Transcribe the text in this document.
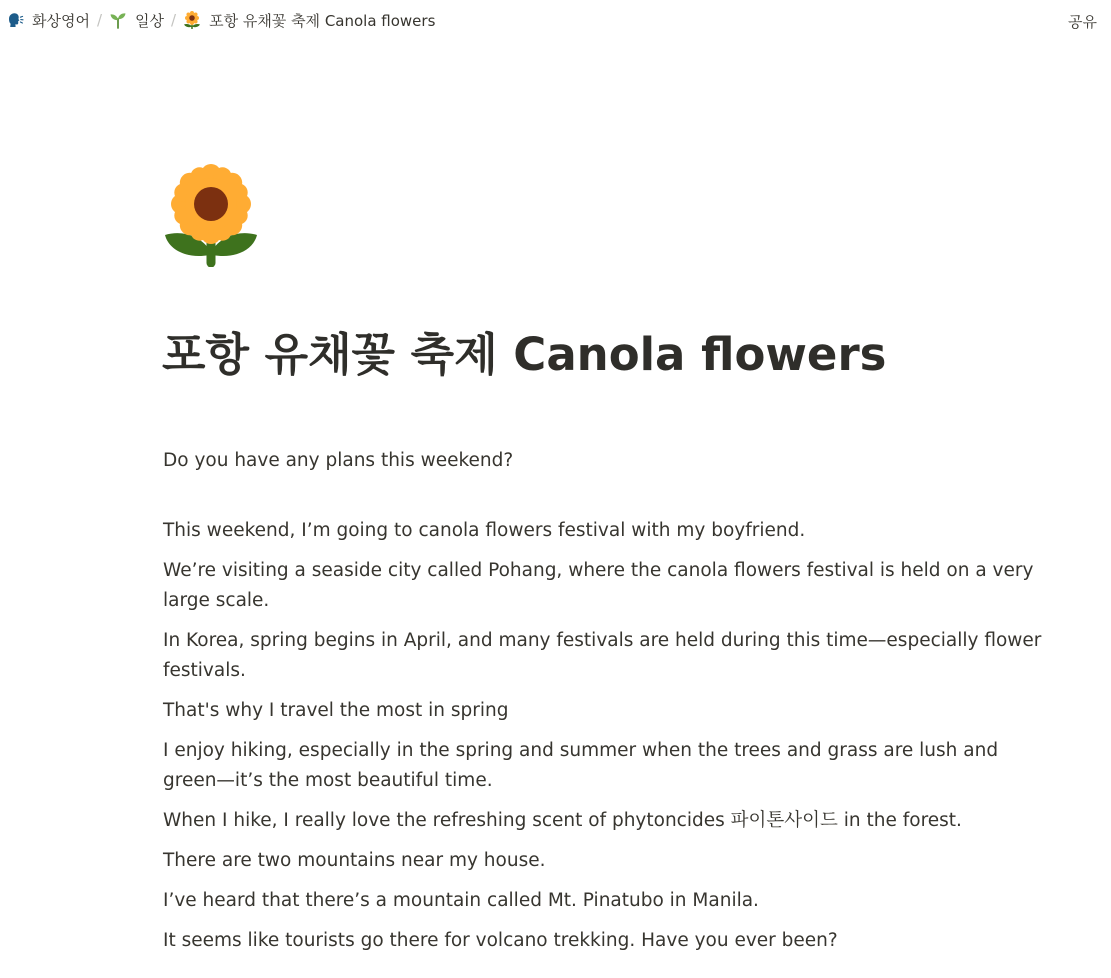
화상영어 / 일상 / 포항 유채꽃 축제 Canola flowers	공유
포항 유채꽃 축제 Canola flowers

Do you have any plans this weekend?

This weekend, I’m going to canola flowers festival with my boyfriend.

We’re visiting a seaside city called Pohang, where the canola flowers festival is held on a very large scale.

In Korea, spring begins in April, and many festivals are held during this time—especially flower festivals.

That's why I travel the most in spring

I enjoy hiking, especially in the spring and summer when the trees and grass are lush and green—it’s the most beautiful time.

When I hike, I really love the refreshing scent of phytoncides 파이톤사이드 in the forest.

There are two mountains near my house.

I’ve heard that there’s a mountain called Mt. Pinatubo in Manila.

It seems like tourists go there for volcano trekking. Have you ever been?
